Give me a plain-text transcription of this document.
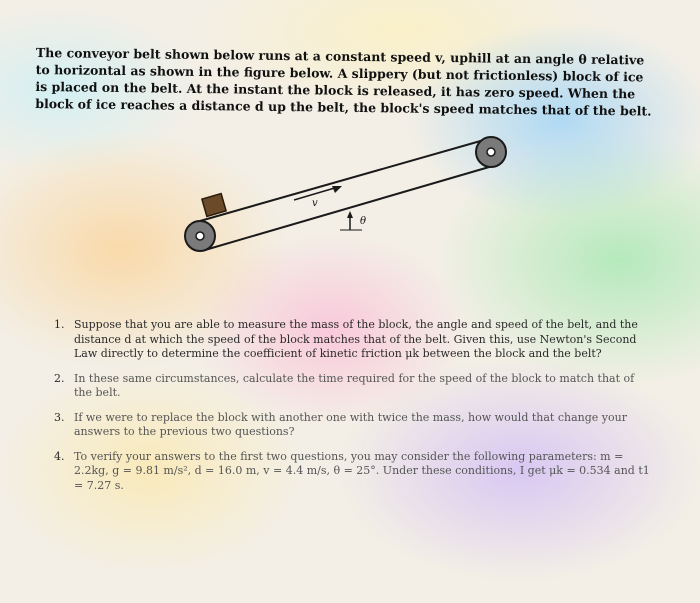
The conveyor belt shown below runs at a constant speed v, uphill at an angle θ relative to horizontal as shown in the figure below. A slippery (but not frictionless) block of ice is placed on the belt. At the instant the block is released, it has zero speed. When the block of ice reaches a distance d up the belt, the block's speed matches that of the belt.

v
θ
1. Suppose that you are able to measure the mass of the block, the angle and speed of the belt, and the distance d at which the speed of the block matches that of the belt. Given this, use Newton's Second Law directly to determine the coefficient of kinetic friction μk between the block and the belt?
2. In these same circumstances, calculate the time required for the speed of the block to match that of the belt.
3. If we were to replace the block with another one with twice the mass, how would that change your answers to the previous two questions?
4. To verify your answers to the first two questions, you may consider the following parameters: m = 2.2kg, g = 9.81 m/s², d = 16.0 m, v = 4.4 m/s, θ = 25°. Under these conditions, I get μk = 0.534 and t1 = 7.27 s.
